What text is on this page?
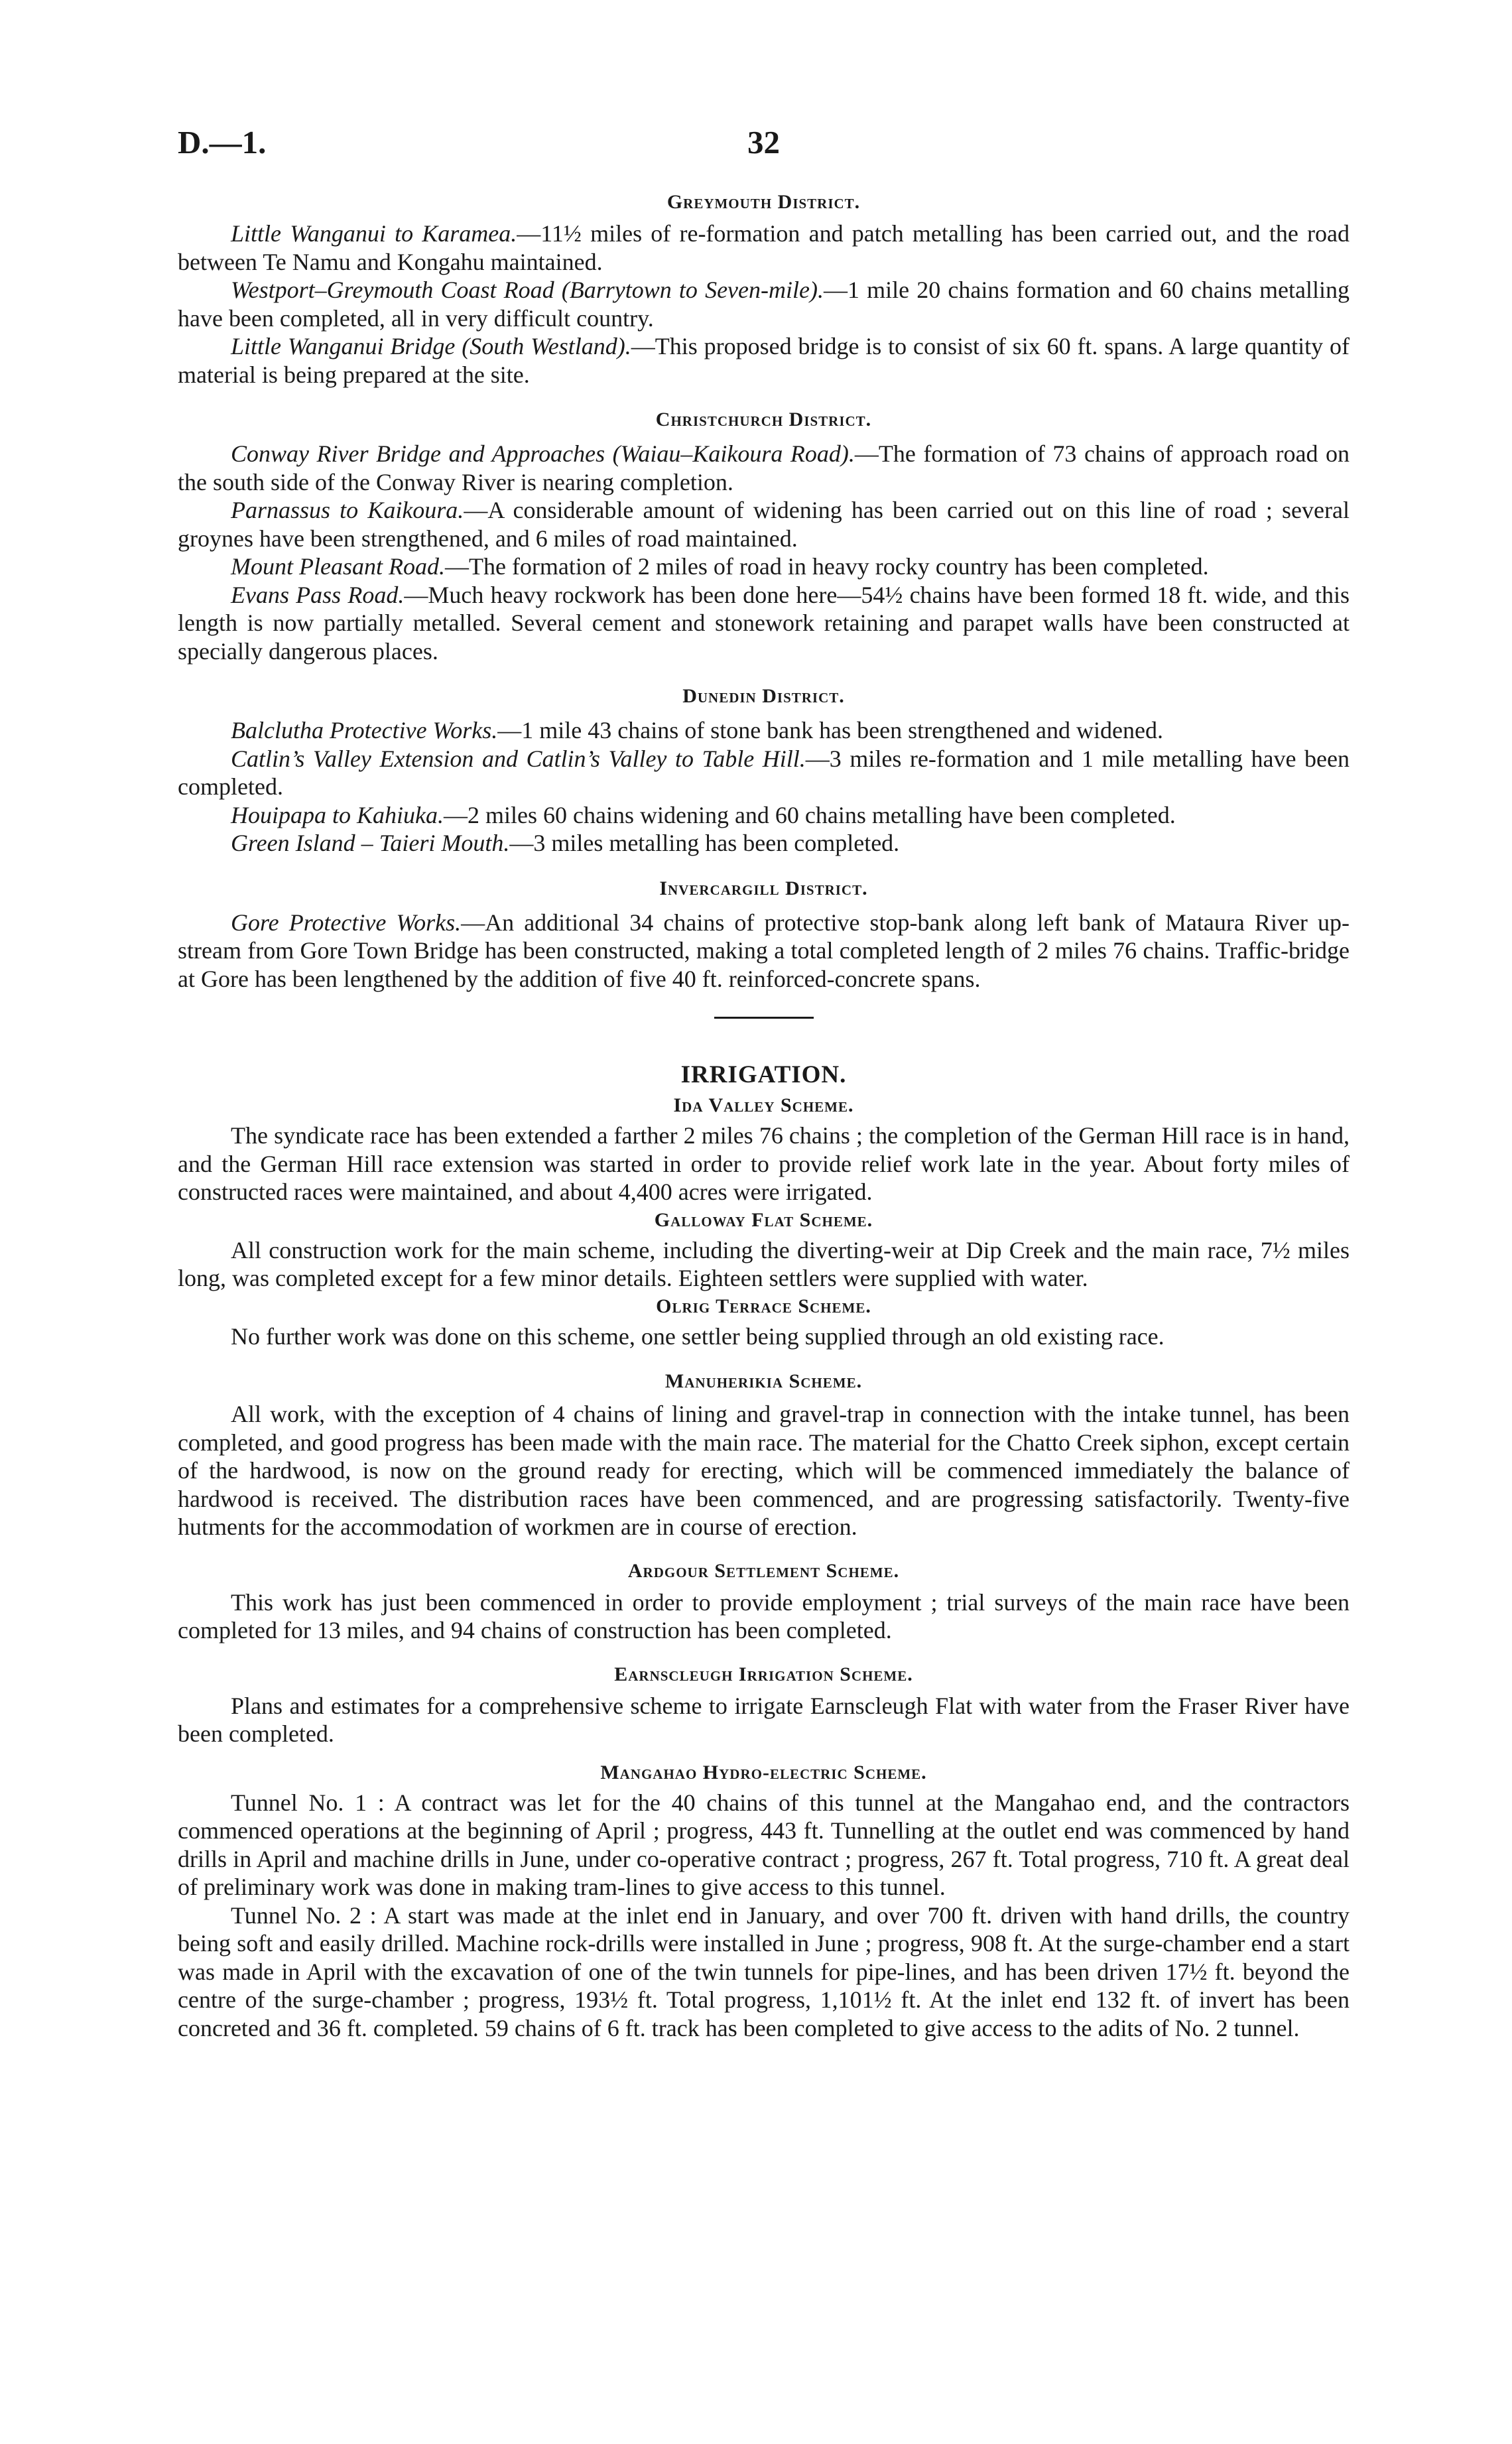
D.—1.	32
Greymouth District.

Little Wanganui to Karamea.—11½ miles of re-formation and patch metalling has been carried out, and the road between Te Namu and Kongahu maintained.

Westport–Greymouth Coast Road (Barrytown to Seven-mile).—1 mile 20 chains formation and 60 chains metalling have been completed, all in very difficult country.

Little Wanganui Bridge (South Westland).—This proposed bridge is to consist of six 60 ft. spans. A large quantity of material is being prepared at the site.

Christchurch District.

Conway River Bridge and Approaches (Waiau–Kaikoura Road).—The formation of 73 chains of approach road on the south side of the Conway River is nearing completion.

Parnassus to Kaikoura.—A considerable amount of widening has been carried out on this line of road ; several groynes have been strengthened, and 6 miles of road maintained.

Mount Pleasant Road.—The formation of 2 miles of road in heavy rocky country has been completed.

Evans Pass Road.—Much heavy rockwork has been done here—54½ chains have been formed 18 ft. wide, and this length is now partially metalled. Several cement and stonework retaining and parapet walls have been constructed at specially dangerous places.

Dunedin District.

Balclutha Protective Works.—1 mile 43 chains of stone bank has been strengthened and widened.

Catlin’s Valley Extension and Catlin’s Valley to Table Hill.—3 miles re-formation and 1 mile metalling have been completed.

Houipapa to Kahiuka.—2 miles 60 chains widening and 60 chains metalling have been completed.

Green Island – Taieri Mouth.—3 miles metalling has been completed.

Invercargill District.

Gore Protective Works.—An additional 34 chains of protective stop-bank along left bank of Mataura River up-stream from Gore Town Bridge has been constructed, making a total completed length of 2 miles 76 chains. Traffic-bridge at Gore has been lengthened by the addition of five 40 ft. reinforced-concrete spans.

IRRIGATION.
Ida Valley Scheme.

The syndicate race has been extended a farther 2 miles 76 chains ; the completion of the German Hill race is in hand, and the German Hill race extension was started in order to provide relief work late in the year. About forty miles of constructed races were maintained, and about 4,400 acres were irrigated.

Galloway Flat Scheme.

All construction work for the main scheme, including the diverting-weir at Dip Creek and the main race, 7½ miles long, was completed except for a few minor details. Eighteen settlers were supplied with water.

Olrig Terrace Scheme.

No further work was done on this scheme, one settler being supplied through an old existing race.

Manuherikia Scheme.

All work, with the exception of 4 chains of lining and gravel-trap in connection with the intake tunnel, has been completed, and good progress has been made with the main race. The material for the Chatto Creek siphon, except certain of the hardwood, is now on the ground ready for erecting, which will be commenced immediately the balance of hardwood is received. The distribution races have been commenced, and are progressing satisfactorily. Twenty-five hutments for the accommodation of workmen are in course of erection.

Ardgour Settlement Scheme.

This work has just been commenced in order to provide employment ; trial surveys of the main race have been completed for 13 miles, and 94 chains of construction has been completed.

Earnscleugh Irrigation Scheme.

Plans and estimates for a comprehensive scheme to irrigate Earnscleugh Flat with water from the Fraser River have been completed.

Mangahao Hydro-electric Scheme.

Tunnel No. 1 : A contract was let for the 40 chains of this tunnel at the Mangahao end, and the contractors commenced operations at the beginning of April ; progress, 443 ft. Tunnelling at the outlet end was commenced by hand drills in April and machine drills in June, under co-operative contract ; progress, 267 ft. Total progress, 710 ft. A great deal of preliminary work was done in making tram-lines to give access to this tunnel.

Tunnel No. 2 : A start was made at the inlet end in January, and over 700 ft. driven with hand drills, the country being soft and easily drilled. Machine rock-drills were installed in June ; progress, 908 ft. At the surge-chamber end a start was made in April with the excavation of one of the twin tunnels for pipe-lines, and has been driven 17½ ft. beyond the centre of the surge-chamber ; progress, 193½ ft. Total progress, 1,101½ ft. At the inlet end 132 ft. of invert has been concreted and 36 ft. completed. 59 chains of 6 ft. track has been completed to give access to the adits of No. 2 tunnel.
